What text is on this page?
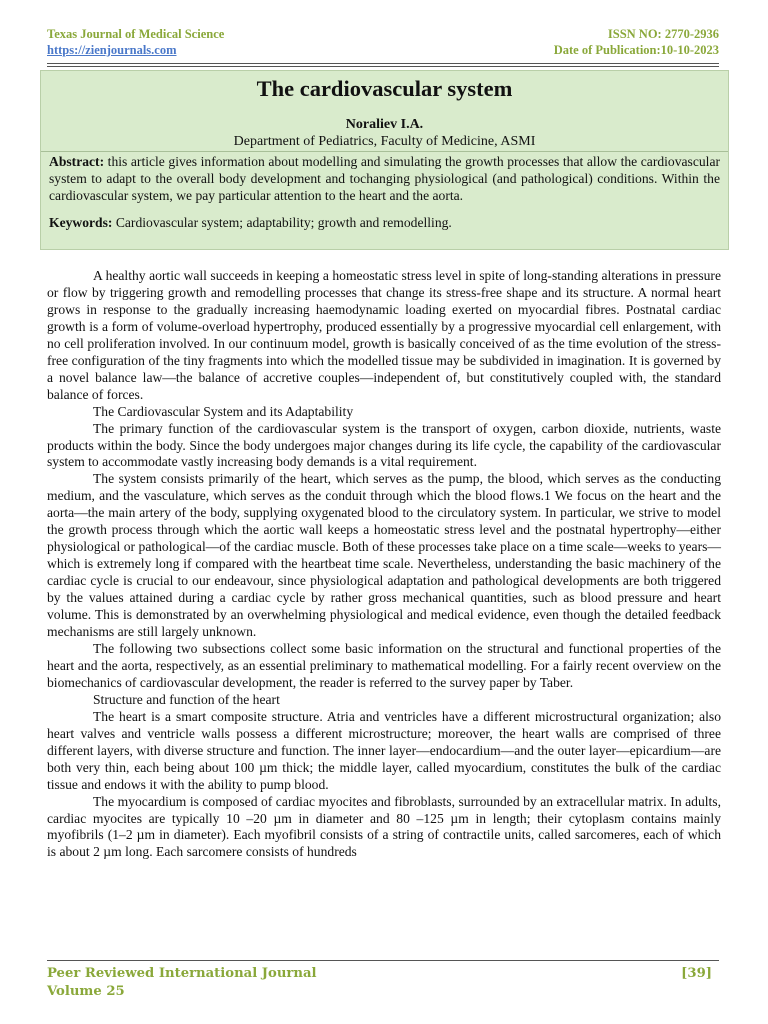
Texas Journal of Medical Science	ISSN NO: 2770-2936
https://zienjournals.com	Date of Publication:10-10-2023
The cardiovascular system
Noraliev I.A.
Department of Pediatrics, Faculty of Medicine, ASMI
Abstract: this article gives information about modelling and simulating the growth processes that allow the cardiovascular system to adapt to the overall body development and tochanging physiological (and pathological) conditions. Within the cardiovascular system, we pay particular attention to the heart and the aorta.
Keywords: Cardiovascular system; adaptability; growth and remodelling.

A healthy aortic wall succeeds in keeping a homeostatic stress level in spite of long-standing alterations in pressure or flow by triggering growth and remodelling processes that change its stress-free shape and its structure. A normal heart grows in response to the gradually increasing haemodynamic loading exerted on myocardial fibres. Postnatal cardiac growth is a form of volume-overload hypertrophy, produced essentially by a progressive myocardial cell enlargement, with no cell proliferation involved. In our continuum model, growth is basically conceived of as the time evolution of the stress-free configuration of the tiny fragments into which the modelled tissue may be subdivided in imagination. It is governed by a novel balance law—the balance of accretive couples—independent of, but constitutively coupled with, the standard balance of forces.

The Cardiovascular System and its Adaptability

The primary function of the cardiovascular system is the transport of oxygen, carbon dioxide, nutrients, waste products within the body. Since the body undergoes major changes during its life cycle, the capability of the cardiovascular system to accommodate vastly increasing body demands is a vital requirement.

The system consists primarily of the heart, which serves as the pump, the blood, which serves as the conducting medium, and the vasculature, which serves as the conduit through which the blood flows.1 We focus on the heart and the aorta—the main artery of the body, supplying oxygenated blood to the circulatory system. In particular, we strive to model the growth process through which the aortic wall keeps a homeostatic stress level and the postnatal hypertrophy—either physiological or pathological—of the cardiac muscle. Both of these processes take place on a time scale—weeks to years—which is extremely long if compared with the heartbeat time scale. Nevertheless, understanding the basic machinery of the cardiac cycle is crucial to our endeavour, since physiological adaptation and pathological developments are both triggered by the values attained during a cardiac cycle by rather gross mechanical quantities, such as blood pressure and heart volume. This is demonstrated by an overwhelming physiological and medical evidence, even though the detailed feedback mechanisms are still largely unknown.

The following two subsections collect some basic information on the structural and functional properties of the heart and the aorta, respectively, as an essential preliminary to mathematical modelling. For a fairly recent overview on the biomechanics of cardiovascular development, the reader is referred to the survey paper by Taber.

Structure and function of the heart

The heart is a smart composite structure. Atria and ventricles have a different microstructural organization; also heart valves and ventricle walls possess a different microstructure; moreover, the heart walls are comprised of three different layers, with diverse structure and function. The inner layer—endocardium—and the outer layer—epicardium—are both very thin, each being about 100 µm thick; the middle layer, called myocardium, constitutes the bulk of the cardiac tissue and endows it with the ability to pump blood.

The myocardium is composed of cardiac myocites and fibroblasts, surrounded by an extracellular matrix. In adults, cardiac myocites are typically 10 –20 µm in diameter and 80 –125 µm in length; their cytoplasm contains mainly myofibrils (1–2 µm in diameter). Each myofibril consists of a string of contractile units, called sarcomeres, each of which is about 2 µm long. Each sarcomere consists of hundreds

Peer Reviewed International Journal	[39]
Volume 25
